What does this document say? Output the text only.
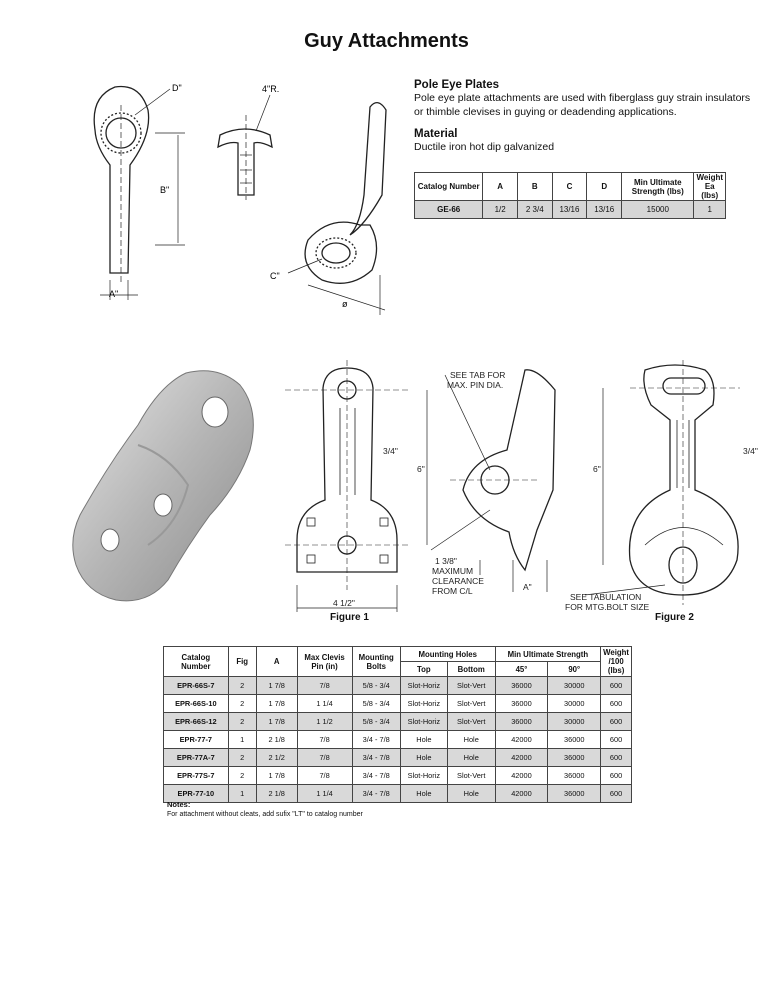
Guy Attachments
D"
B"
A"
4"R.
C"
ø
Pole Eye Plates

Pole eye plate attachments are used with fiberglass guy strain insulators or thimble clevises in guying or deadending applications.

Material

Ductile iron hot dip galvanized

Catalog Number	A	B	C	D	Min Ultimate Strength (lbs)	Weight Ea (lbs)
GE-66	1/2	2 3/4	13/16	13/16	15000	1
SEE TAB FOR
MAX. PIN DIA.
3/4"
6"	6"
3/4"
1 3/8"
MAXIMUM
CLEARANCE
FROM C/L
4 1/2"
A"
SEE TABULATION
FOR MTG.BOLT SIZE
Figure 1	Figure 2
Catalog Number	Fig	A	Max Clevis Pin (in)	Mounting Bolts	Mounting Holes		Min Ultimate Strength		Weight /100 (lbs)
					Top	Bottom	45°	90°	
EPR-66S-7	2	1 7/8	7/8	5/8 - 3/4	Slot-Horiz	Slot-Vert	36000	30000	600
EPR-66S-10	2	1 7/8	1 1/4	5/8 - 3/4	Slot-Horiz	Slot-Vert	36000	30000	600
EPR-66S-12	2	1 7/8	1 1/2	5/8 - 3/4	Slot-Horiz	Slot-Vert	36000	30000	600
EPR-77-7	1	2 1/8	7/8	3/4 - 7/8	Hole	Hole	42000	36000	600
EPR-77A-7	2	2 1/2	7/8	3/4 - 7/8	Hole	Hole	42000	36000	600
EPR-77S-7	2	1 7/8	7/8	3/4 - 7/8	Slot-Horiz	Slot-Vert	42000	36000	600
EPR-77-10	1	2 1/8	1 1/4	3/4 - 7/8	Hole	Hole	42000	36000	600
Notes:
For attachment without cleats, add sufix "LT" to catalog number
